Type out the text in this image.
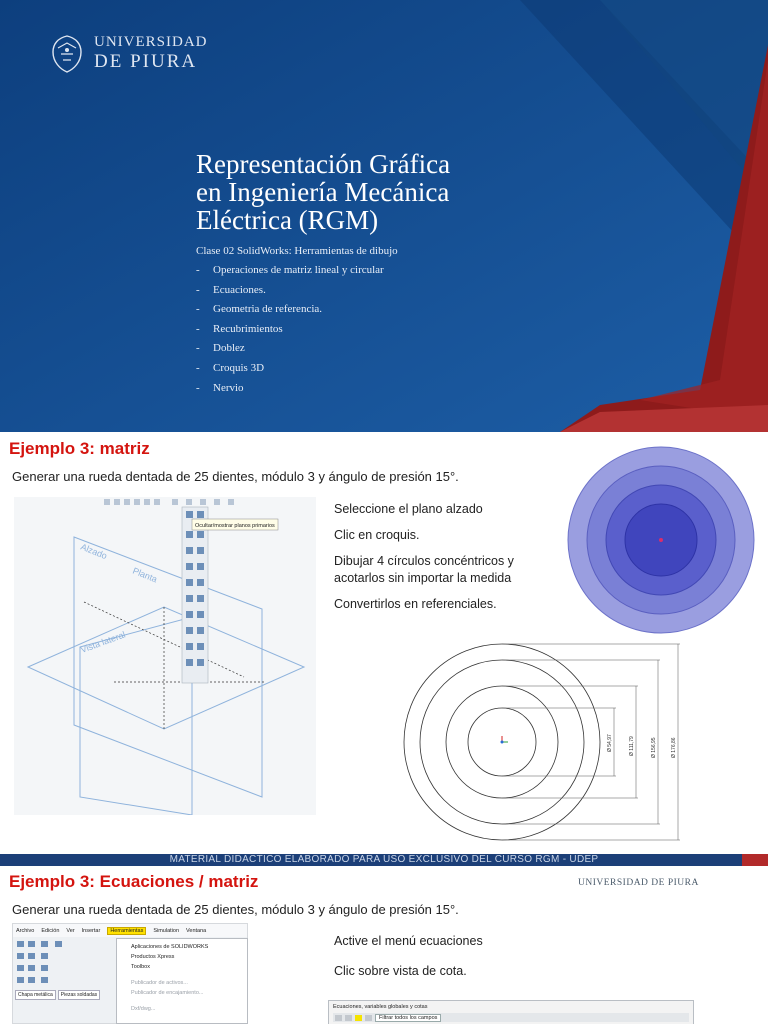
UNIVERSIDAD
DE PIURA
Representación Gráfica
en Ingeniería Mecánica
Eléctrica (RGM)
Clase 02 SolidWorks: Herramientas de dibujo
-	Operaciones de matriz lineal y circular
-	Ecuaciones.
-	Geometria de referencia.
-	Recubrimientos
-	Doblez
-	Croquis 3D
-	Nervio
Ejemplo 3: matriz
Generar una rueda dentada de 25 dientes, módulo 3 y ángulo de presión 15°.
Ocultar/mostrar planos primarios
Alzado
Planta
Vista lateral

Seleccione el plano alzado

Clic en croquis.

Dibujar 4 círculos concéntricos y acotarlos sin importar la medida

Convertirlos en referenciales.

Ø 54,97	Ø 111,79	Ø 156,95	Ø 176,86
MATERIAL DIDACTICO ELABORADO PARA USO EXCLUSIVO DEL CURSO RGM - UDEP
Ejemplo 3: Ecuaciones / matriz	UNIVERSIDAD DE PIURA
Generar una rueda dentada de 25 dientes, módulo 3 y ángulo de presión 15°.
Archivo Edición Ver Insertar	Herramientas	Simulation Ventana
Chapa metálica	Piezas soldadas
Aplicaciones de SOLIDWORKS
Productos Xpress
Toolbox
Publicador de activos...
Publicador de encajamiento...
Dxf/dwg...

Active el menú ecuaciones

Clic sobre vista de cota.

Ecuaciones, variables globales y cotas
Filtrar todos los campos
